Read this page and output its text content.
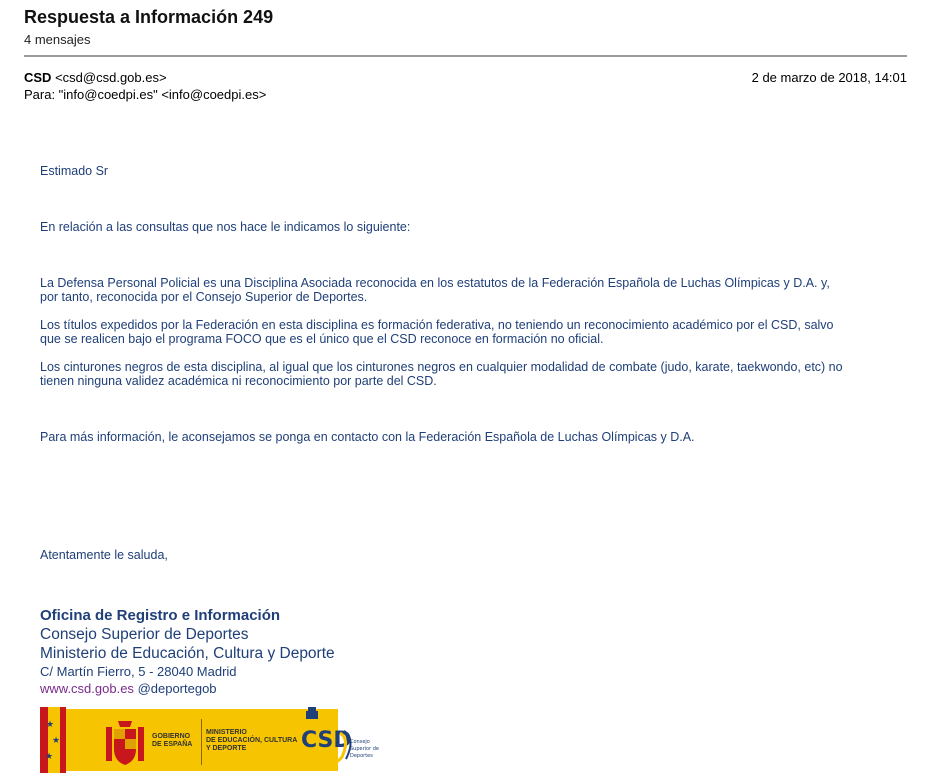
Respuesta a Información 249
4 mensajes
CSD <csd@csd.gob.es>	2 de marzo de 2018, 14:01
Para: "info@coedpi.es" <info@coedpi.es>
Estimado Sr
En relación a las consultas que nos hace le indicamos lo siguiente:
La Defensa Personal Policial es una Disciplina Asociada reconocida en los estatutos de la Federación Española de Luchas Olímpicas y D.A. y,
por tanto, reconocida por el Consejo Superior de Deportes.
Los títulos expedidos por la Federación en esta disciplina es formación federativa, no teniendo un reconocimiento académico por el CSD, salvo
que se realicen bajo el programa FOCO que es el único que el CSD reconoce en formación no oficial.
Los cinturones negros de esta disciplina, al igual que los cinturones negros en cualquier modalidad de combate (judo, karate, taekwondo, etc) no
tienen ninguna validez académica ni reconocimiento por parte del CSD.
Para más información, le aconsejamos se ponga en contacto con la Federación Española de Luchas Olímpicas y D.A.
Atentamente le saluda,
Oficina de Registro e Información
Consejo Superior de Deportes
Ministerio de Educación, Cultura y Deporte
C/ Martín Fierro, 5 - 28040 Madrid
www.csd.gob.es @deportegob
★
★
★
GOBIERNO
DE ESPAÑA
MINISTERIO
DE EDUCACIÓN, CULTURA
Y DEPORTE	CSD
Consejo
Superior de
Deportes
